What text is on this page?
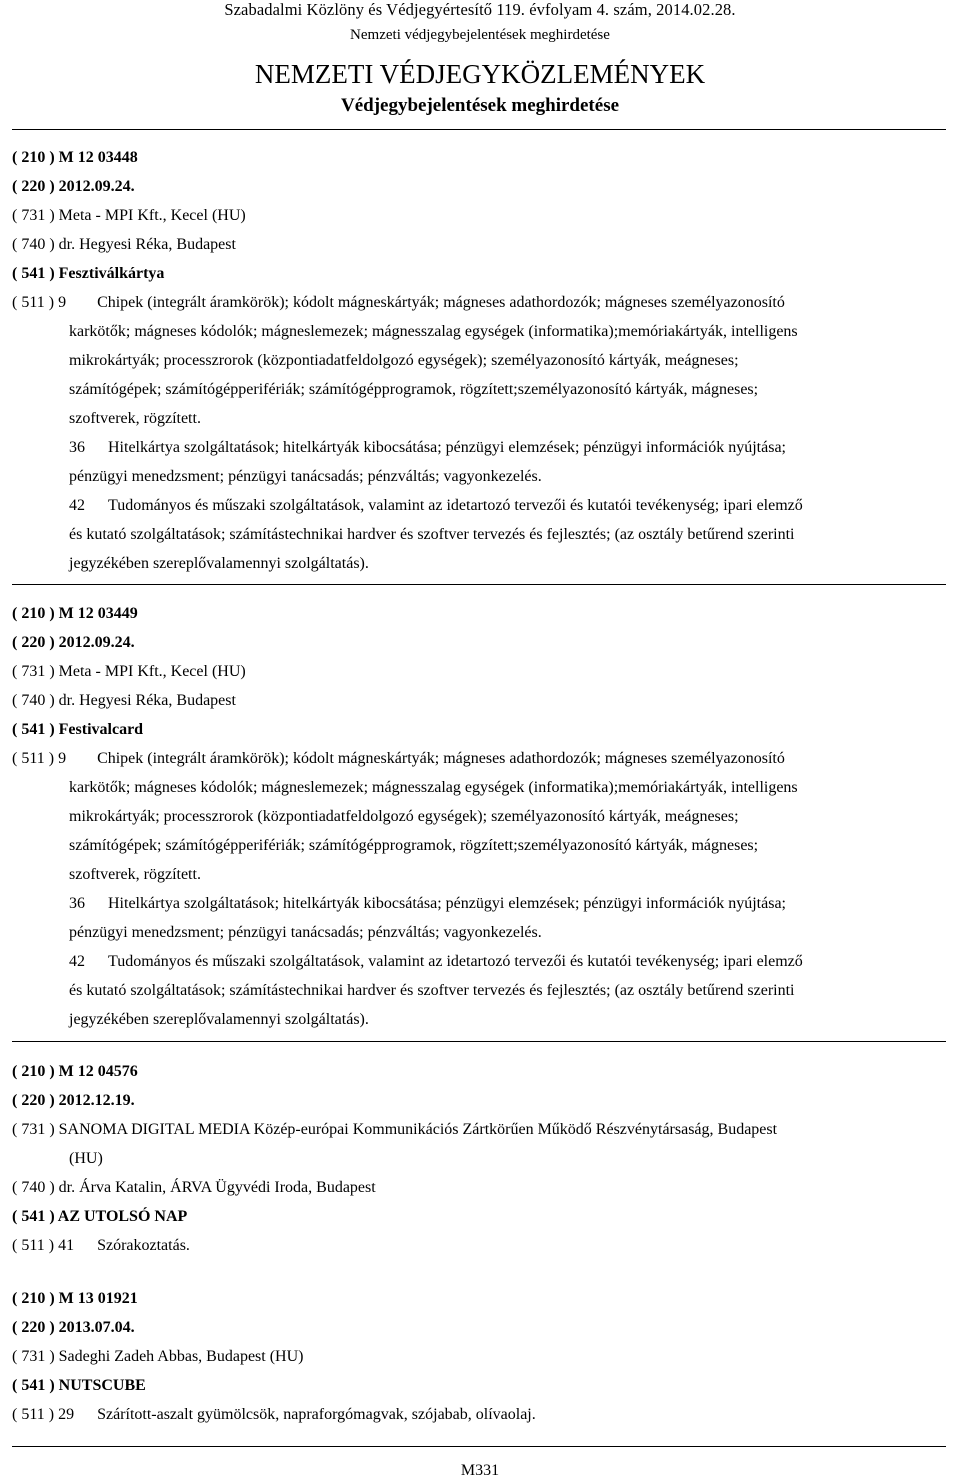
Szabadalmi Közlöny és Védjegyértesítő 119. évfolyam 4. szám, 2014.02.28.
Nemzeti védjegybejelentések meghirdetése
NEMZETI VÉDJEGYKÖZLEMÉNYEK
Védjegybejelentések meghirdetése
( 210 ) M 12 03448
( 220 ) 2012.09.24.
( 731 ) Meta - MPI Kft., Kecel (HU)
( 740 ) dr. Hegyesi Réka, Budapest
( 541 ) Fesztiválkártya
( 511 ) 9 Chipek (integrált áramkörök); kódolt mágneskártyák; mágneses adathordozók; mágneses személyazonosító
karkötők; mágneses kódolók; mágneslemezek; mágnesszalag egységek (informatika);memóriakártyák, intelligens
mikrokártyák; processzrorok (központiadatfeldolgozó egységek); személyazonosító kártyák, meágneses;
számítógépek; számítógépperifériák; számítógépprogramok, rögzített;személyazonosító kártyák, mágneses;
szoftverek, rögzített.
36 Hitelkártya szolgáltatások; hitelkártyák kibocsátása; pénzügyi elemzések; pénzügyi információk nyújtása;
pénzügyi menedzsment; pénzügyi tanácsadás; pénzváltás; vagyonkezelés.
42 Tudományos és műszaki szolgáltatások, valamint az idetartozó tervezői és kutatói tevékenység; ipari elemző
és kutató szolgáltatások; számítástechnikai hardver és szoftver tervezés és fejlesztés; (az osztály betűrend szerinti
jegyzékében szereplővalamennyi szolgáltatás).
( 210 ) M 12 03449
( 220 ) 2012.09.24.
( 731 ) Meta - MPI Kft., Kecel (HU)
( 740 ) dr. Hegyesi Réka, Budapest
( 541 ) Festivalcard
( 511 ) 9 Chipek (integrált áramkörök); kódolt mágneskártyák; mágneses adathordozók; mágneses személyazonosító
karkötők; mágneses kódolók; mágneslemezek; mágnesszalag egységek (informatika);memóriakártyák, intelligens
mikrokártyák; processzrorok (központiadatfeldolgozó egységek); személyazonosító kártyák, meágneses;
számítógépek; számítógépperifériák; számítógépprogramok, rögzített;személyazonosító kártyák, mágneses;
szoftverek, rögzített.
36 Hitelkártya szolgáltatások; hitelkártyák kibocsátása; pénzügyi elemzések; pénzügyi információk nyújtása;
pénzügyi menedzsment; pénzügyi tanácsadás; pénzváltás; vagyonkezelés.
42 Tudományos és műszaki szolgáltatások, valamint az idetartozó tervezői és kutatói tevékenység; ipari elemző
és kutató szolgáltatások; számítástechnikai hardver és szoftver tervezés és fejlesztés; (az osztály betűrend szerinti
jegyzékében szereplővalamennyi szolgáltatás).
( 210 ) M 12 04576
( 220 ) 2012.12.19.
( 731 ) SANOMA DIGITAL MEDIA Közép-európai Kommunikációs Zártkörűen Működő Részvénytársaság, Budapest
(HU)
( 740 ) dr. Árva Katalin, ÁRVA Ügyvédi Iroda, Budapest
( 541 ) AZ UTOLSÓ NAP
( 511 ) 41 Szórakoztatás.
( 210 ) M 13 01921
( 220 ) 2013.07.04.
( 731 ) Sadeghi Zadeh Abbas, Budapest (HU)
( 541 ) NUTSCUBE
( 511 ) 29 Szárított-aszalt gyümölcsök, napraforgómagvak, szójabab, olívaolaj.
M331
